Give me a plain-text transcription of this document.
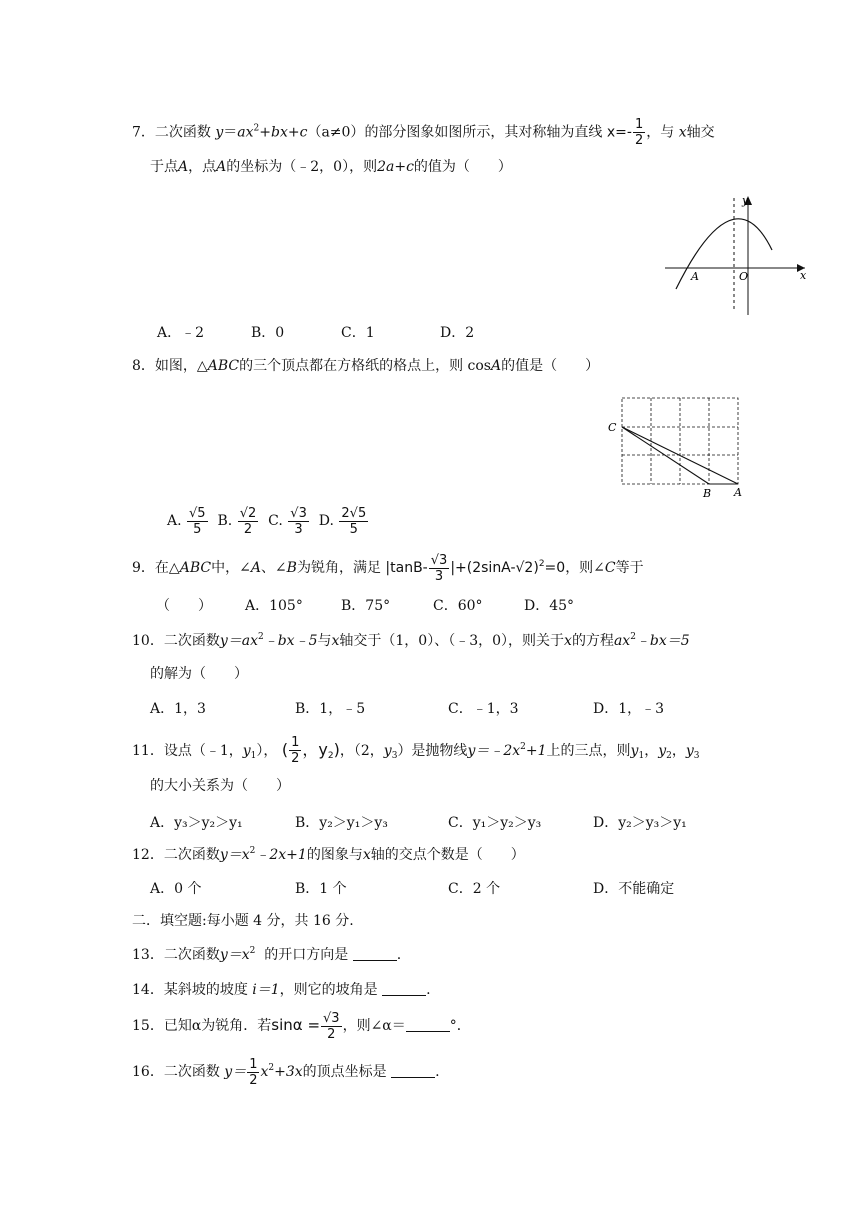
7．二次函数 $y=ax^2+bx+c(a\ne 0)$的部分图象如图所示，其对称轴为直线 $x=- \frac{1}{2}$ ，与 x轴交
于点A，点A的坐标为（﹣2，0），则2a+c的值为（　　）
y
x
A	O
A．﹣2	B．0	C．1	D．2
8．如图，△ABC的三个顶点都在方格纸的格点上，则 cosA的值是（　　）
C
B A
A. $\frac{√5}{5} B$. $\frac{√2}{2} C$. $\frac{√3}{3} D$. $\frac{2√5}{5}$
9．在△ABC中，∠A、∠B为锐角，满足 $|\tan B- \frac{√3}{3} |+(2\sin A-√2)^2=0$，则∠C等于
（　　） A．105°	B．75°	C．60°	D．45°
10．二次函数$y=ax^2﹣bx﹣5$与x轴交于（1，0）、（﹣3，0），则关于x的方程$ax^2﹣bx=5$
的解为（　　）
A．1，3	B．1，﹣5	C．﹣1，3	D．1，﹣3
11．设点（﹣1，$y_1$）， ( $\frac{1}{2}$ ，$y_2$)，（2，$y_3$）是抛物线$y=﹣2x^2+1$上的三点，则$y_1$，$y_2$，$y_3$
的大小关系为（　　）
A．y₃＞y₂＞y₁	B．y₂＞y₁＞y₃	C．y₁＞y₂＞y₃	D．y₂＞y₃＞y₁
12．二次函数$y=x^2﹣2x+1$的图象与x轴的交点个数是（　　）
A．0 个	B．1 个	C．2 个	D．不能确定
二．填空题:每小题 4 分，共 16 分.
13．二次函数$y=x^2$ 的开口方向是	.
14．某斜坡的坡度 i＝1，则它的坡角是	.
15．已知α为锐角．若$\sin\alpha = \frac{√3}{2}$ ，则∠α＝	°．
16．二次函数 $y= \frac{1}{2} x^2+3x$的顶点坐标是	.
